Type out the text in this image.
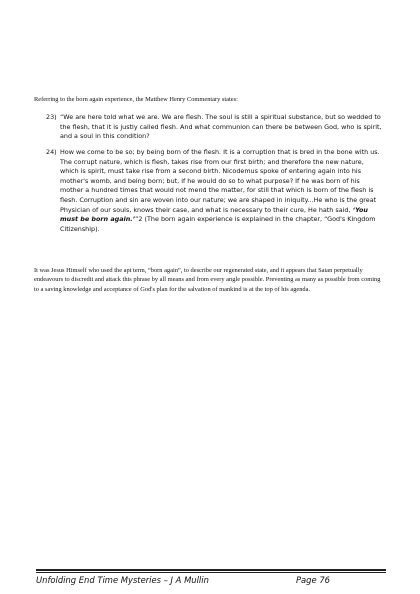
Referring to the born again experience, the Matthew Henry Commentary states:

23) “We are here told what we are. We are flesh. The soul is still a spiritual substance, but so wedded to the flesh, that it is justly called flesh. And what communion can there be between God, who is spirit, and a soul in this condition?
24) How we come to be so; by being born of the flesh. It is a corruption that is bred in the bone with us. The corrupt nature, which is flesh, takes rise from our first birth; and therefore the new nature, which is spirit, must take rise from a second birth. Nicodemus spoke of entering again into his mother's womb, and being born; but, if he would do so to what purpose? If he was born of his mother a hundred times that would not mend the matter, for still that which is born of the flesh is flesh. Corruption and sin are woven into our nature; we are shaped in iniquity...He who is the great Physician of our souls, knows their case, and what is necessary to their cure, He hath said, ‘You must be born again.’”2 (The born again experience is explained in the chapter, “God's Kingdom Citizenship).

It was Jesus Himself who used the apt term, “born again”, to describe our regenerated state, and it appears that Satan perpetually endeavours to discredit and attack this phrase by all means and from every angle possible. Preventing as many as possible from coming to a saving knowledge and acceptance of God's plan for the salvation of mankind is at the top of his agenda.

Unfolding End Time Mysteries – J A Mullin	Page 76
